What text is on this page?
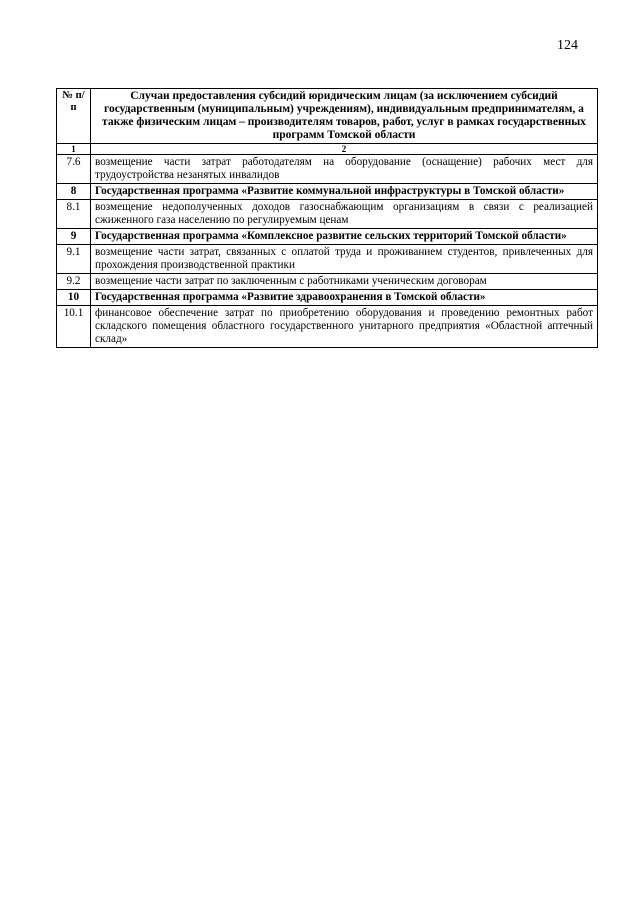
124
№ п/п	Случаи предоставления субсидий юридическим лицам (за исключением субсидий государственным (муниципальным) учреждениям), индивидуальным предпринимателям, а также физическим лицам – производителям товаров, работ, услуг в рамках государственных программ Томской области
1	2
7.6	возмещение части затрат работодателям на оборудование (оснащение) рабочих мест для трудоустройства незанятых инвалидов
8	Государственная программа «Развитие коммунальной инфраструктуры в Томской области»
8.1	возмещение недополученных доходов газоснабжающим организациям в связи с реализацией сжиженного газа населению по регулируемым ценам
9	Государственная программа «Комплексное развитие сельских территорий Томской области»
9.1	возмещение части затрат, связанных с оплатой труда и проживанием студентов, привлеченных для прохождения производственной практики
9.2	возмещение части затрат по заключенным с работниками ученическим договорам
10	Государственная программа «Развитие здравоохранения в Томской области»
10.1	финансовое обеспечение затрат по приобретению оборудования и проведению ремонтных работ складского помещения областного государственного унитарного предприятия «Областной аптечный склад»
